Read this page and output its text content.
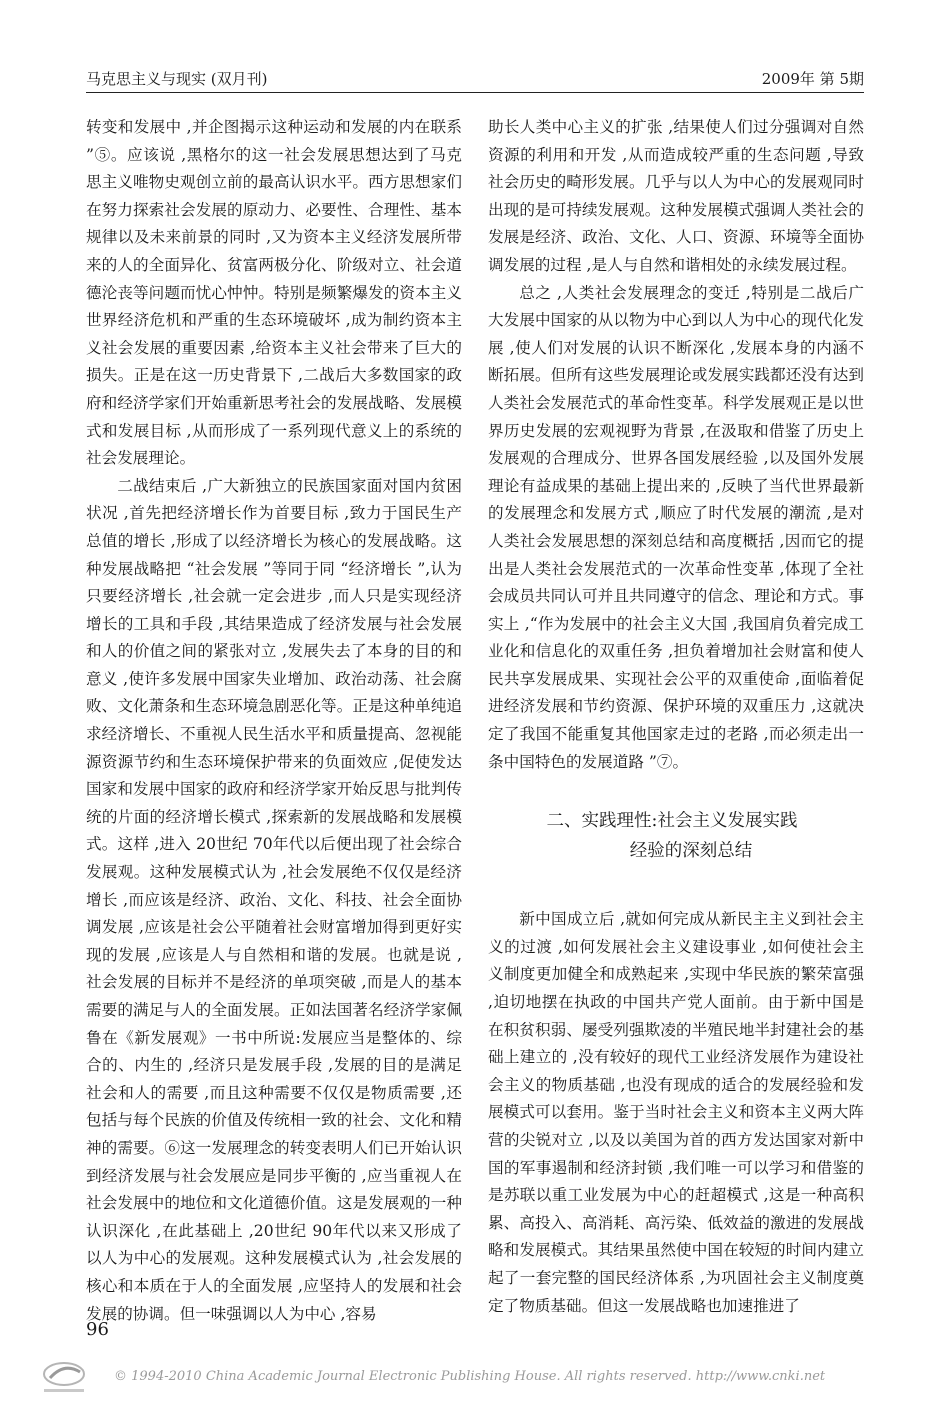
马克思主义与现实 (双月刊)	2009年 第 5期

转变和发展中 ,并企图揭示这种运动和发展的内在联系 ”⑤。应该说 ,黑格尔的这一社会发展思想达到了马克思主义唯物史观创立前的最高认识水平。西方思想家们在努力探索社会发展的原动力、必要性、合理性、基本规律以及未来前景的同时 ,又为资本主义经济发展所带来的人的全面异化、贫富两极分化、阶级对立、社会道德沦丧等问题而忧心忡忡。特别是频繁爆发的资本主义世界经济危机和严重的生态环境破坏 ,成为制约资本主义社会发展的重要因素 ,给资本主义社会带来了巨大的损失。正是在这一历史背景下 ,二战后大多数国家的政府和经济学家们开始重新思考社会的发展战略、发展模式和发展目标 ,从而形成了一系列现代意义上的系统的社会发展理论。

二战结束后 ,广大新独立的民族国家面对国内贫困状况 ,首先把经济增长作为首要目标 ,致力于国民生产总值的增长 ,形成了以经济增长为核心的发展战略。这种发展战略把 “社会发展 ”等同于同 “经济增长 ”,认为只要经济增长 ,社会就一定会进步 ,而人只是实现经济增长的工具和手段 ,其结果造成了经济发展与社会发展和人的价值之间的紧张对立 ,发展失去了本身的目的和意义 ,使许多发展中国家失业增加、政治动荡、社会腐败、文化萧条和生态环境急剧恶化等。正是这种单纯追求经济增长、不重视人民生活水平和质量提高、忽视能源资源节约和生态环境保护带来的负面效应 ,促使发达国家和发展中国家的政府和经济学家开始反思与批判传统的片面的经济增长模式 ,探索新的发展战略和发展模式。这样 ,进入 20世纪 70年代以后便出现了社会综合发展观。这种发展模式认为 ,社会发展绝不仅仅是经济增长 ,而应该是经济、政治、文化、科技、社会全面协调发展 ,应该是社会公平随着社会财富增加得到更好实现的发展 ,应该是人与自然相和谐的发展。也就是说 ,社会发展的目标并不是经济的单项突破 ,而是人的基本需要的满足与人的全面发展。正如法国著名经济学家佩鲁在《新发展观》一书中所说:发展应当是整体的、综合的、内生的 ,经济只是发展手段 ,发展的目的是满足社会和人的需要 ,而且这种需要不仅仅是物质需要 ,还包括与每个民族的价值及传统相一致的社会、文化和精神的需要。⑥这一发展理念的转变表明人们已开始认识到经济发展与社会发展应是同步平衡的 ,应当重视人在社会发展中的地位和文化道德价值。这是发展观的一种认识深化 ,在此基础上 ,20世纪 90年代以来又形成了以人为中心的发展观。这种发展模式认为 ,社会发展的核心和本质在于人的全面发展 ,应坚持人的发展和社会发展的协调。但一味强调以人为中心 ,容易

助长人类中心主义的扩张 ,结果使人们过分强调对自然资源的利用和开发 ,从而造成较严重的生态问题 ,导致社会历史的畸形发展。几乎与以人为中心的发展观同时出现的是可持续发展观。这种发展模式强调人类社会的发展是经济、政治、文化、人口、资源、环境等全面协调发展的过程 ,是人与自然和谐相处的永续发展过程。

总之 ,人类社会发展理念的变迁 ,特别是二战后广大发展中国家的从以物为中心到以人为中心的现代化发展 ,使人们对发展的认识不断深化 ,发展本身的内涵不断拓展。但所有这些发展理论或发展实践都还没有达到人类社会发展范式的革命性变革。科学发展观正是以世界历史发展的宏观视野为背景 ,在汲取和借鉴了历史上发展观的合理成分、世界各国发展经验 ,以及国外发展理论有益成果的基础上提出来的 ,反映了当代世界最新的发展理念和发展方式 ,顺应了时代发展的潮流 ,是对人类社会发展思想的深刻总结和高度概括 ,因而它的提出是人类社会发展范式的一次革命性变革 ,体现了全社会成员共同认可并且共同遵守的信念、理论和方式。事实上 ,“作为发展中的社会主义大国 ,我国肩负着完成工业化和信息化的双重任务 ,担负着增加社会财富和使人民共享发展成果、实现社会公平的双重使命 ,面临着促进经济发展和节约资源、保护环境的双重压力 ,这就决定了我国不能重复其他国家走过的老路 ,而必须走出一条中国特色的发展道路 ”⑦。

二、实践理性:社会主义发展实践
经验的深刻总结

新中国成立后 ,就如何完成从新民主主义到社会主义的过渡 ,如何发展社会主义建设事业 ,如何使社会主义制度更加健全和成熟起来 ,实现中华民族的繁荣富强 ,迫切地摆在执政的中国共产党人面前。由于新中国是在积贫积弱、屡受列强欺凌的半殖民地半封建社会的基础上建立的 ,没有较好的现代工业经济发展作为建设社会主义的物质基础 ,也没有现成的适合的发展经验和发展模式可以套用。鉴于当时社会主义和资本主义两大阵营的尖锐对立 ,以及以美国为首的西方发达国家对新中国的军事遏制和经济封锁 ,我们唯一可以学习和借鉴的是苏联以重工业发展为中心的赶超模式 ,这是一种高积累、高投入、高消耗、高污染、低效益的激进的发展战略和发展模式。其结果虽然使中国在较短的时间内建立起了一套完整的国民经济体系 ,为巩固社会主义制度奠定了物质基础。但这一发展战略也加速推进了

96
© 1994-2010 China Academic Journal Electronic Publishing House. All rights reserved. http://www.cnki.net
